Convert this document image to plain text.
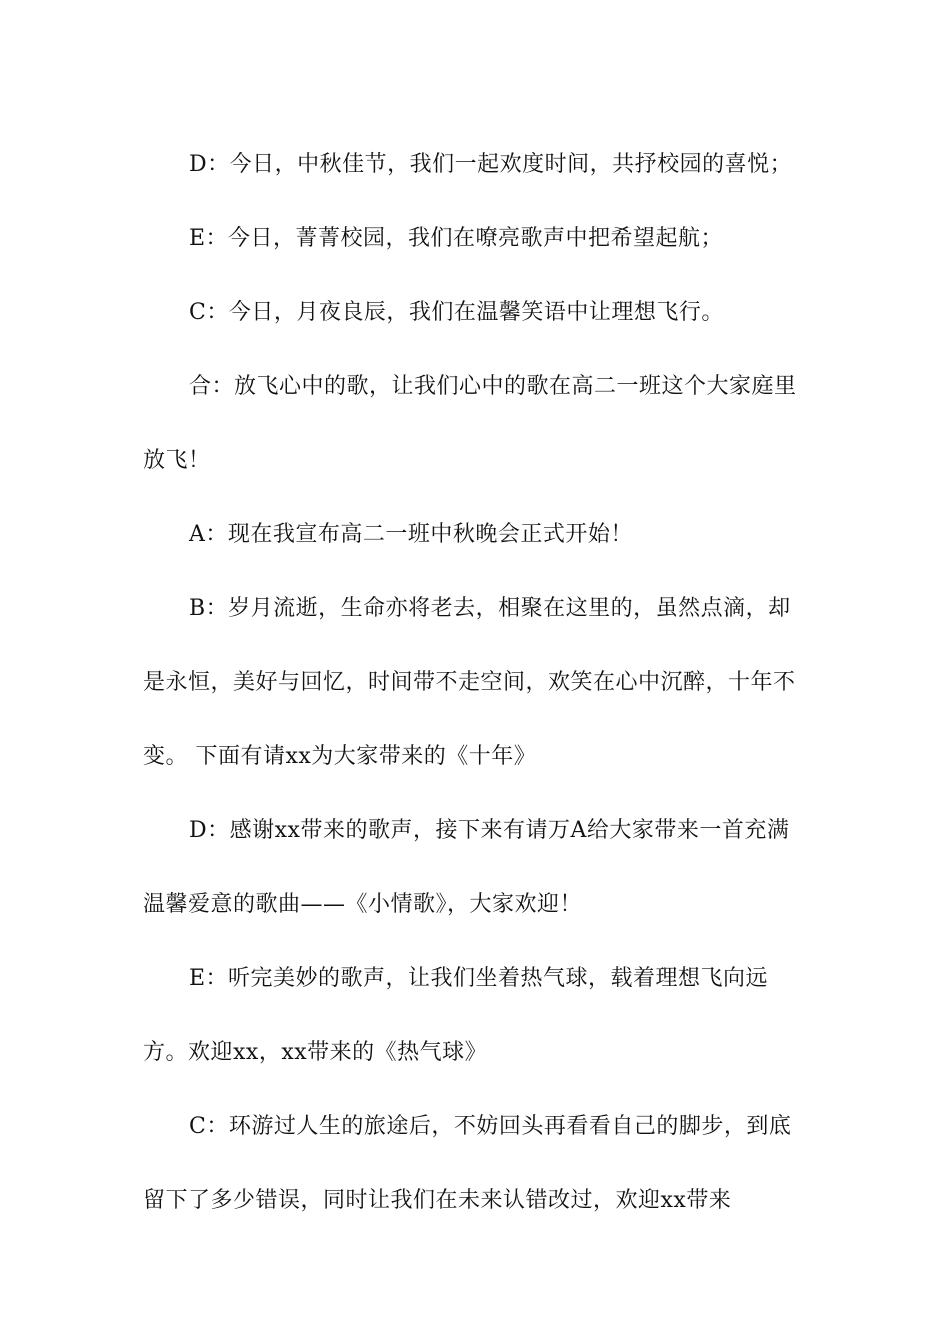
D：今日，中秋佳节，我们一起欢度时间，共抒校园的喜悦；

E：今日，菁菁校园，我们在嘹亮歌声中把希望起航；

C：今日，月夜良辰，我们在温馨笑语中让理想飞行。

合：放飞心中的歌，让我们心中的歌在高二一班这个大家庭里放飞！

A：现在我宣布高二一班中秋晚会正式开始！

B：岁月流逝，生命亦将老去，相聚在这里的，虽然点滴，却是永恒，美好与回忆，时间带不走空间，欢笑在心中沉醉，十年不变。 下面有请xx为大家带来的《十年》

D：感谢xx带来的歌声，接下来有请万A给大家带来一首充满温馨爱意的歌曲——《小情歌》，大家欢迎！

E：听完美妙的歌声，让我们坐着热气球，载着理想飞向远方。欢迎xx，xx带来的《热气球》

C：环游过人生的旅途后，不妨回头再看看自己的脚步，到底留下了多少错误，同时让我们在未来认错改过，欢迎xx带来
